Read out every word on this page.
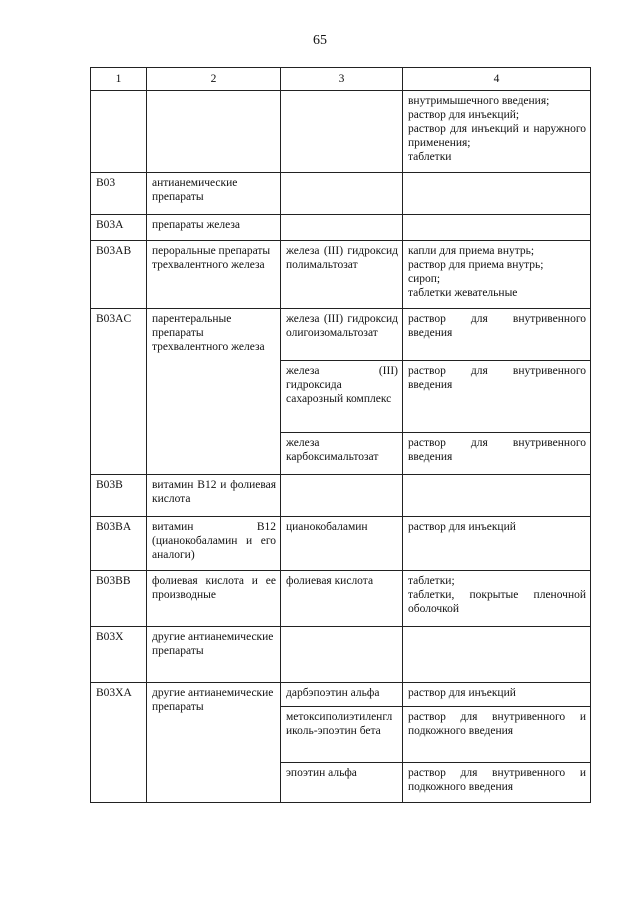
65
1	2	3	4

			внутримышечного введения;
раствор для инъекций;
раствор для инъекций и наружного применения;
таблетки

B03	антианемические препараты		
B03A	препараты железа		
B03AB	пероральные препараты трехвалентного железа	железа (III) гидроксид полимальтозат	капли для приема внутрь;
раствор для приема внутрь;
сироп;
таблетки жевательные

B03AC	парентеральные препараты трехвалентного железа	железа (III) гидроксид олигоизомальтозат	раствор для внутривенного введения

		железа (III) гидроксида сахарозный комплекс	раствор для внутривенного введения

		железа карбоксимальтозат	раствор для внутривенного введения

B03B	витамин B12 и фолиевая кислота		
B03BA	витамин B12 (цианокобаламин и его аналоги)	цианокобаламин	раствор для инъекций

B03BB	фолиевая кислота и ее производные	фолиевая кислота	таблетки;
таблетки, покрытые пленочной оболочкой

B03X	другие антианемические препараты		
B03XA	другие антианемические препараты	дарбэпоэтин альфа	раствор для инъекций

		метоксиполиэтиленгликоль-эпоэтин бета	раствор для внутривенного и подкожного введения

		эпоэтин альфа	раствор для внутривенного и подкожного введения
